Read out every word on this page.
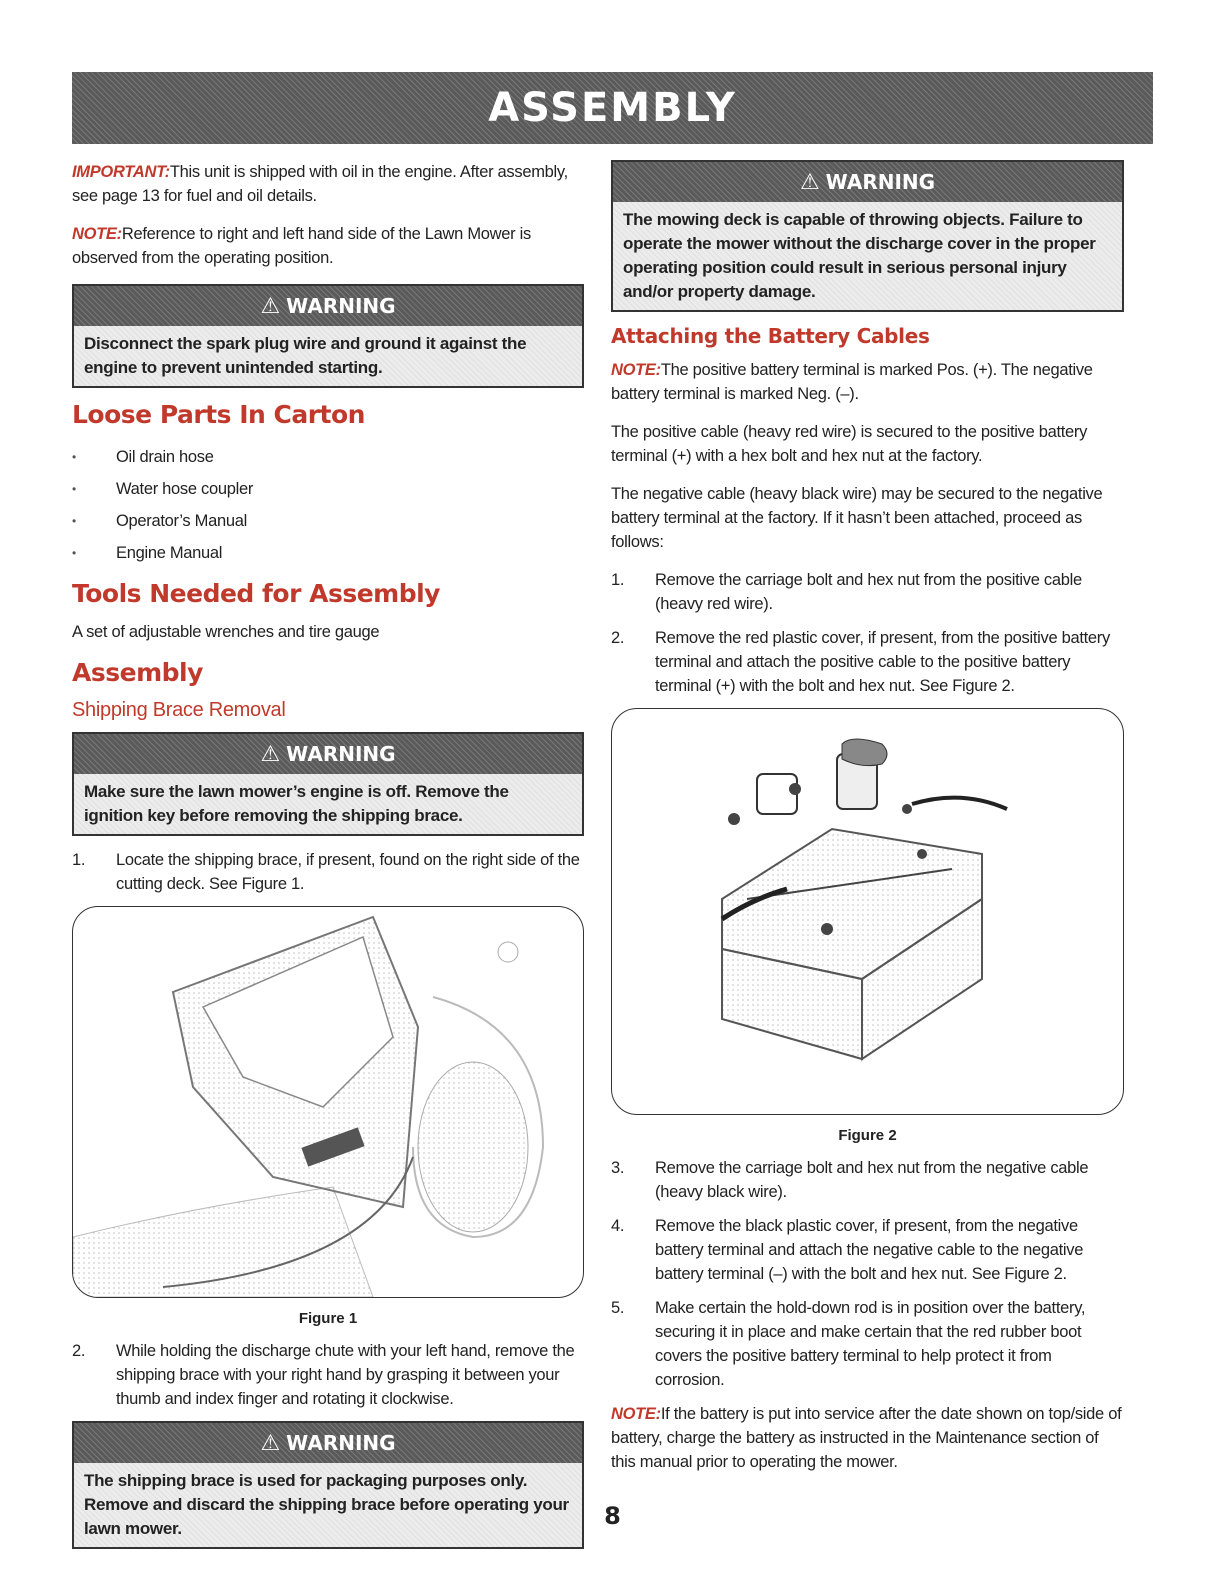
ASSEMBLY

IMPORTANT:This unit is shipped with oil in the engine. After assembly, see page 13 for fuel and oil details.

NOTE:Reference to right and left hand side of the Lawn Mower is observed from the operating position.

⚠ WARNING
Disconnect the spark plug wire and ground it against the engine to prevent unintended starting.
Loose Parts In Carton
• Oil drain hose
• Water hose coupler
• Operator’s Manual
• Engine Manual
Tools Needed for Assembly

A set of adjustable wrenches and tire gauge

Assembly
Shipping Brace Removal
⚠ WARNING
Make sure the lawn mower’s engine is off. Remove the ignition key before removing the shipping brace.
1.	Locate the shipping brace, if present, found on the right side of the cutting deck. See Figure 1.
Figure 1
2.	While holding the discharge chute with your left hand, remove the shipping brace with your right hand by grasping it between your thumb and index finger and rotating it clockwise.
⚠ WARNING
The shipping brace is used for packaging purposes only. Remove and discard the shipping brace before operating your lawn mower.
⚠ WARNING
The mowing deck is capable of throwing objects. Failure to operate the mower without the discharge cover in the proper operating position could result in serious personal injury and/or property damage.
Attaching the Battery Cables

NOTE:The positive battery terminal is marked Pos. (+). The negative battery terminal is marked Neg. (–).

The positive cable (heavy red wire) is secured to the positive battery terminal (+) with a hex bolt and hex nut at the factory.

The negative cable (heavy black wire) may be secured to the negative battery terminal at the factory. If it hasn’t been attached, proceed as follows:

1.	Remove the carriage bolt and hex nut from the positive cable (heavy red wire).
2.	Remove the red plastic cover, if present, from the positive battery terminal and attach the positive cable to the positive battery terminal (+) with the bolt and hex nut. See Figure 2.
Figure 2
3.	Remove the carriage bolt and hex nut from the negative cable (heavy black wire).
4.	Remove the black plastic cover, if present, from the negative battery terminal and attach the negative cable to the negative battery terminal (–) with the bolt and hex nut. See Figure 2.
5.	Make certain the hold-down rod is in position over the battery, securing it in place and make certain that the red rubber boot covers the positive battery terminal to help protect it from corrosion.

NOTE:If the battery is put into service after the date shown on top/side of battery, charge the battery as instructed in the Maintenance section of this manual prior to operating the mower.

8
